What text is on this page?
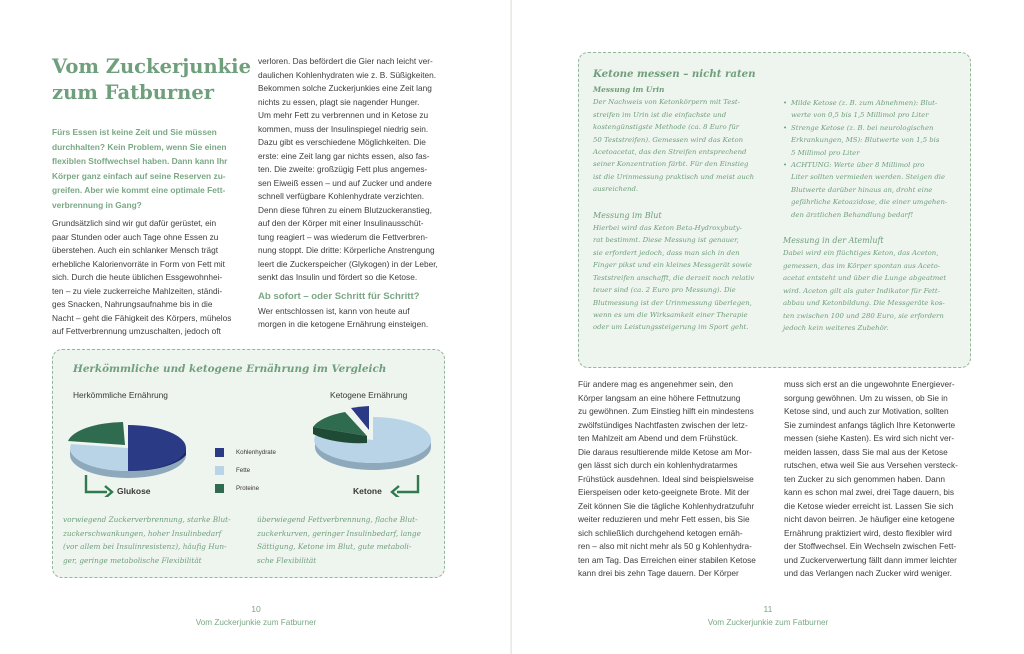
Vom Zuckerjunkie
zum Fatburner
Fürs Essen ist keine Zeit und Sie müssen
durchhalten? Kein Problem, wenn Sie einen
flexiblen Stoffwechsel haben. Dann kann Ihr
Körper ganz einfach auf seine Reserven zu-
greifen. Aber wie kommt eine optimale Fett-
verbrennung in Gang?
Grundsätzlich sind wir gut dafür gerüstet, ein
paar Stunden oder auch Tage ohne Essen zu
überstehen. Auch ein schlanker Mensch trägt
erhebliche Kalorienvorräte in Form von Fett mit
sich. Durch die heute üblichen Essgewohnhei-
ten – zu viele zuckerreiche Mahlzeiten, ständi-
ges Snacken, Nahrungsaufnahme bis in die
Nacht – geht die Fähigkeit des Körpers, mühelos
auf Fettverbrennung umzuschalten, jedoch oft
verloren. Das befördert die Gier nach leicht ver-
daulichen Kohlenhydraten wie z. B. Süßigkeiten.
Bekommen solche Zuckerjunkies eine Zeit lang
nichts zu essen, plagt sie nagender Hunger.
Um mehr Fett zu verbrennen und in Ketose zu
kommen, muss der Insulinspiegel niedrig sein.
Dazu gibt es verschiedene Möglichkeiten. Die
erste: eine Zeit lang gar nichts essen, also fas-
ten. Die zweite: großzügig Fett plus angemes-
sen Eiweiß essen – und auf Zucker und andere
schnell verfügbare Kohlenhydrate verzichten.
Denn diese führen zu einem Blutzuckeranstieg,
auf den der Körper mit einer Insulinausschüt-
tung reagiert – was wiederum die Fettverbren-
nung stoppt. Die dritte: Körperliche Anstrengung
leert die Zuckerspeicher (Glykogen) in der Leber,
senkt das Insulin und fördert so die Ketose.
Ab sofort – oder Schritt für Schritt?
Wer entschlossen ist, kann von heute auf
morgen in die ketogene Ernährung einsteigen.
Herkömmliche und ketogene Ernährung im Vergleich
Herkömmliche Ernährung	Ketogene Ernährung
Kohlenhydrate
Fette
Proteine
Glukose	Ketone
vorwiegend Zuckerverbrennung, starke Blut-
zuckerschwankungen, hoher Insulinbedarf
(vor allem bei Insulinresistenz), häufig Hun-
ger, geringe metabolische Flexibilität
überwiegend Fettverbrennung, flache Blut-
zuckerkurven, geringer Insulinbedarf, lange
Sättigung, Ketone im Blut, gute metaboli-
sche Flexibilität
10
Vom Zuckerjunkie zum Fatburner
11
Vom Zuckerjunkie zum Fatburner
Ketone messen – nicht raten
Messung im Urin
Der Nachweis von Ketonkörpern mit Test-
streifen im Urin ist die einfachste und
kostengünstigste Methode (ca. 8 Euro für
50 Teststreifen). Gemessen wird das Keton
Acetoacetat, das den Streifen entsprechend
seiner Konzentration färbt. Für den Einstieg
ist die Urinmessung praktisch und meist auch
ausreichend.
Messung im Blut
Hierbei wird das Keton Beta-Hydroxybuty-
rat bestimmt. Diese Messung ist genauer,
sie erfordert jedoch, dass man sich in den
Finger pikst und ein kleines Messgerät sowie
Teststreifen anschafft, die derzeit noch relativ
teuer sind (ca. 2 Euro pro Messung). Die
Blutmessung ist der Urinmessung überlegen,
wenn es um die Wirksamkeit einer Therapie
oder um Leistungssteigerung im Sport geht.
• Milde Ketose (z. B. zum Abnehmen): Blut-
werte von 0,5 bis 1,5 Millimol pro Liter
• Strenge Ketose (z. B. bei neurologischen
Erkrankungen, MS): Blutwerte von 1,5 bis
5 Millimol pro Liter
• ACHTUNG: Werte über 8 Millimol pro
Liter sollten vermieden werden. Steigen die
Blutwerte darüber hinaus an, droht eine
gefährliche Ketoazidose, die einer umgehen-
den ärztlichen Behandlung bedarf!
Messung in der Atemluft
Dabei wird ein flüchtiges Keton, das Aceton,
gemessen, das im Körper spontan aus Aceto-
acetat entsteht und über die Lunge abgeatmet
wird. Aceton gilt als guter Indikator für Fett-
abbau und Ketonbildung. Die Messgeräte kos-
ten zwischen 100 und 280 Euro, sie erfordern
jedoch kein weiteres Zubehör.
Für andere mag es angenehmer sein, den
Körper langsam an eine höhere Fettnutzung
zu gewöhnen. Zum Einstieg hilft ein mindestens
zwölfstündiges Nachtfasten zwischen der letz-
ten Mahlzeit am Abend und dem Frühstück.
Die daraus resultierende milde Ketose am Mor-
gen lässt sich durch ein kohlenhydratarmes
Frühstück ausdehnen. Ideal sind beispielsweise
Eierspeisen oder keto-geeignete Brote. Mit der
Zeit können Sie die tägliche Kohlenhydratzufuhr
weiter reduzieren und mehr Fett essen, bis Sie
sich schließlich durchgehend ketogen ernäh-
ren – also mit nicht mehr als 50 g Kohlenhydra-
ten am Tag. Das Erreichen einer stabilen Ketose
kann drei bis zehn Tage dauern. Der Körper
muss sich erst an die ungewohnte Energiever-
sorgung gewöhnen. Um zu wissen, ob Sie in
Ketose sind, und auch zur Motivation, sollten
Sie zumindest anfangs täglich Ihre Ketonwerte
messen (siehe Kasten). Es wird sich nicht ver-
meiden lassen, dass Sie mal aus der Ketose
rutschen, etwa weil Sie aus Versehen versteck-
ten Zucker zu sich genommen haben. Dann
kann es schon mal zwei, drei Tage dauern, bis
die Ketose wieder erreicht ist. Lassen Sie sich
nicht davon beirren. Je häufiger eine ketogene
Ernährung praktiziert wird, desto flexibler wird
der Stoffwechsel. Ein Wechseln zwischen Fett-
und Zuckerverwertung fällt dann immer leichter
und das Verlangen nach Zucker wird weniger.
